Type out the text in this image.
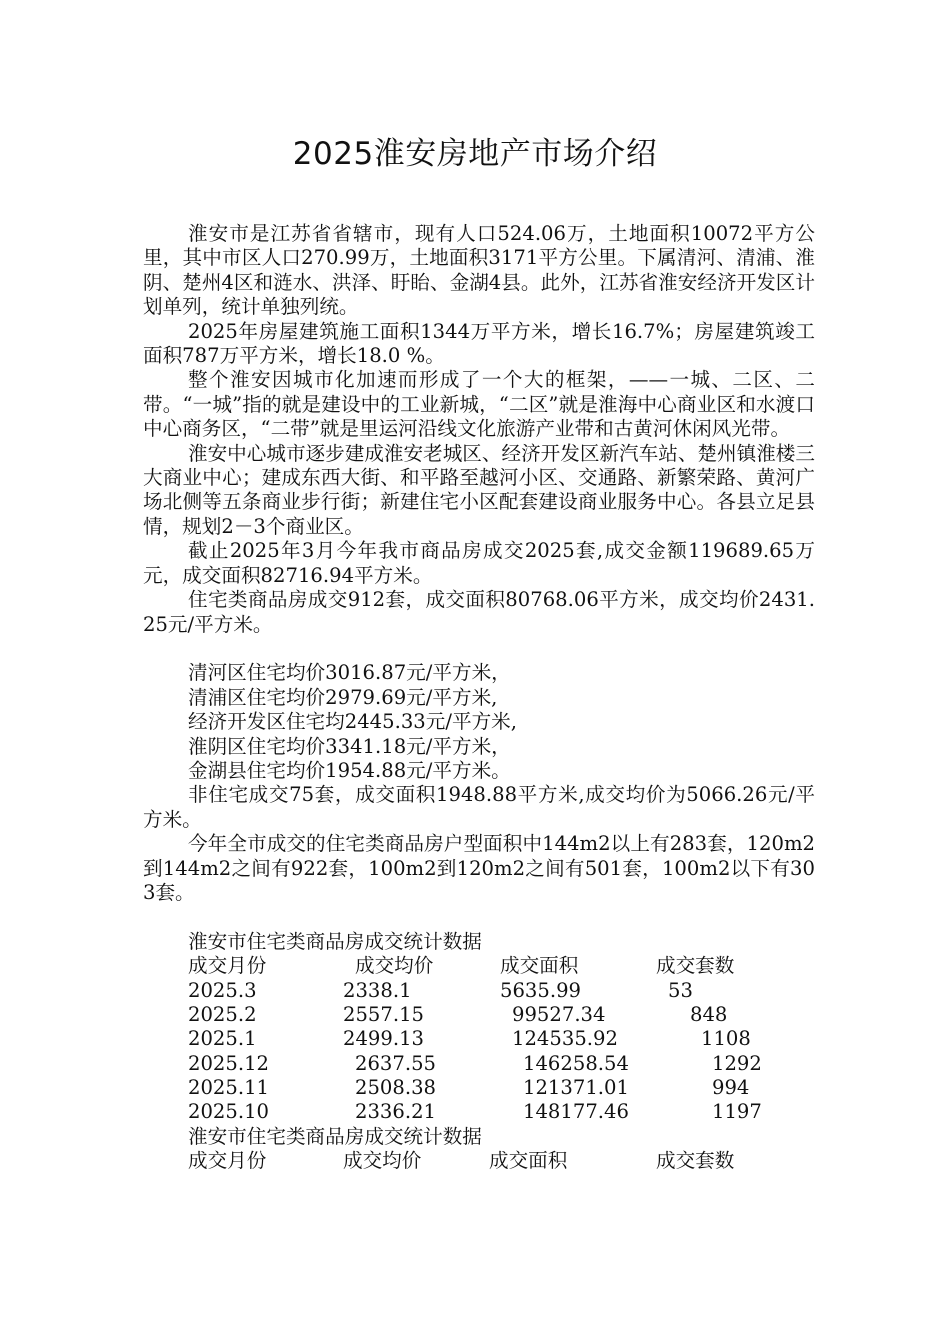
2025淮安房地产市场介绍

淮安市是江苏省省辖市，现有人口524.06万，土地面积10072平方公里，其中市区人口270.99万，土地面积3171平方公里。下属清河、清浦、淮阴、楚州4区和涟水、洪泽、盱眙、金湖4县。此外，江苏省淮安经济开发区计划单列，统计单独列统。

2025年房屋建筑施工面积1344万平方米，增长16.7%；房屋建筑竣工面积787万平方米，增长18.0 %。

整个淮安因城市化加速而形成了一个大的框架，——一城、二区、二带。“一城”指的就是建设中的工业新城，“二区”就是淮海中心商业区和水渡口中心商务区，“二带”就是里运河沿线文化旅游产业带和古黄河休闲风光带。

淮安中心城市逐步建成淮安老城区、经济开发区新汽车站、楚州镇淮楼三大商业中心；建成东西大街、和平路至越河小区、交通路、新繁荣路、黄河广场北侧等五条商业步行街；新建住宅小区配套建设商业服务中心。各县立足县情，规划2－3个商业区。

截止2025年3月今年我市商品房成交2025套,成交金额119689.65万元，成交面积82716.94平方米。

住宅类商品房成交912套，成交面积80768.06平方米，成交均价2431.25元/平方米。

清河区住宅均价3016.87元/平方米，

清浦区住宅均价2979.69元/平方米,

经济开发区住宅均2445.33元/平方米,

淮阴区住宅均价3341.18元/平方米，

金湖县住宅均价1954.88元/平方米。

非住宅成交75套，成交面积1948.88平方米,成交均价为5066.26元/平方米。

今年全市成交的住宅类商品房户型面积中144m2以上有283套，120m2到144m2之间有922套，100m2到120m2之间有501套，100m2以下有303套。

淮安市住宅类商品房成交统计数据
成交月份	成交均价	成交面积	成交套数
2025.3	2338.1	5635.99	53
2025.2	2557.15	99527.34	848
2025.1	2499.13	124535.92	1108
2025.12	2637.55	146258.54	1292
2025.11	2508.38	121371.01	994
2025.10	2336.21	148177.46	1197
淮安市住宅类商品房成交统计数据
成交月份	成交均价	成交面积	成交套数
